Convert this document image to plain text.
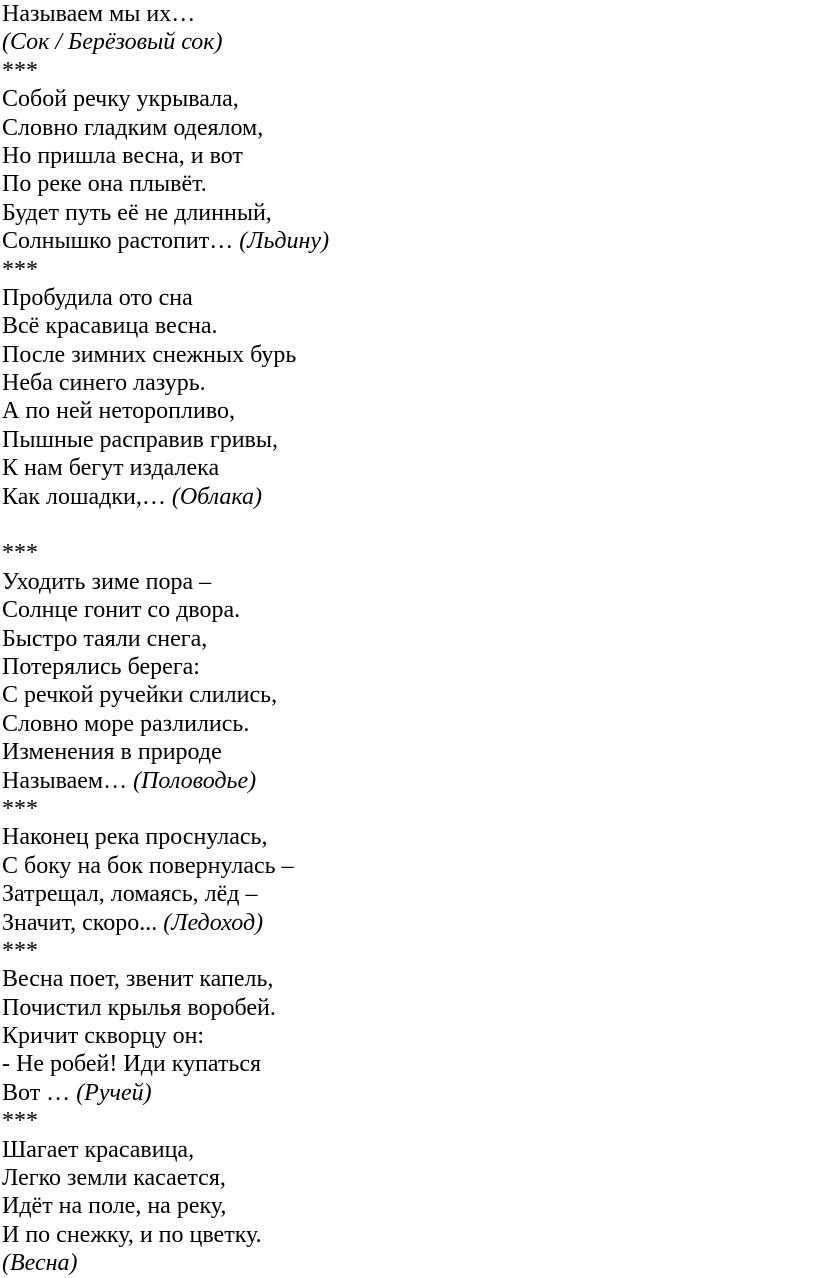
Называем мы их…
(Сок / Берёзовый сок)
***
Собой речку укрывала,
Словно гладким одеялом,
Но пришла весна, и вот
По реке она плывёт.
Будет путь её не длинный,
Солнышко растопит… (Льдину)
***
Пробудила ото сна
Всё красавица весна.
После зимних снежных бурь
Неба синего лазурь.
А по ней неторопливо,
Пышные расправив гривы,
К нам бегут издалека
Как лошадки,… (Облака)
***
Уходить зиме пора –
Солнце гонит со двора.
Быстро таяли снега,
Потерялись берега:
С речкой ручейки слились,
Словно море разлились.
Изменения в природе
Называем… (Половодье)
***
Наконец река проснулась,
С боку на бок повернулась –
Затрещал, ломаясь, лёд –
Значит, скоро... (Ледоход)
***
Весна поет, звенит капель,
Почистил крылья воробей.
Кричит скворцу он:
- Не робей! Иди купаться
Вот … (Ручей)
***
Шагает красавица,
Легко земли касается,
Идёт на поле, на реку,
И по снежку, и по цветку.
(Весна)
